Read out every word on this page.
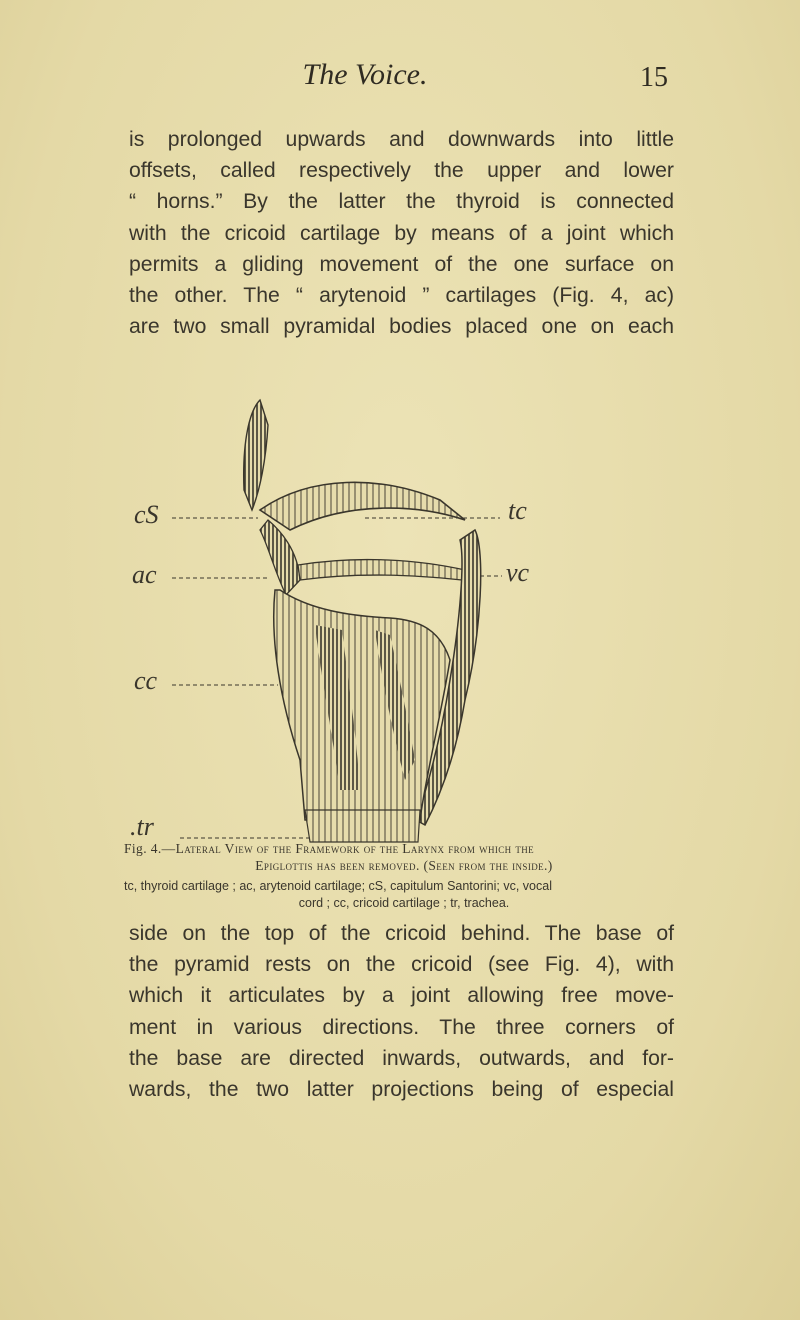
The Voice.	15
is prolonged upwards and downwards into little
offsets, called respectively the upper and lower
“ horns.” By the latter the thyroid is connected
with the cricoid cartilage by means of a joint which
permits a gliding movement of the one surface on
the other. The “ arytenoid ” cartilages (Fig. 4, ac)
are two small pyramidal bodies placed one on each
cS	tc
ac	vc
cc
.tr
Fig. 4.—Lateral View of the Framework of the Larynx from which the
Epiglottis has been removed. (Seen from the inside.)
tc, thyroid cartilage ; ac, arytenoid cartilage; cS, capitulum Santorini; vc, vocal
cord ; cc, cricoid cartilage ; tr, trachea.
side on the top of the cricoid behind. The base of
the pyramid rests on the cricoid (see Fig. 4), with
which it articulates by a joint allowing free move-
ment in various directions. The three corners of
the base are directed inwards, outwards, and for-
wards, the two latter projections being of especial
